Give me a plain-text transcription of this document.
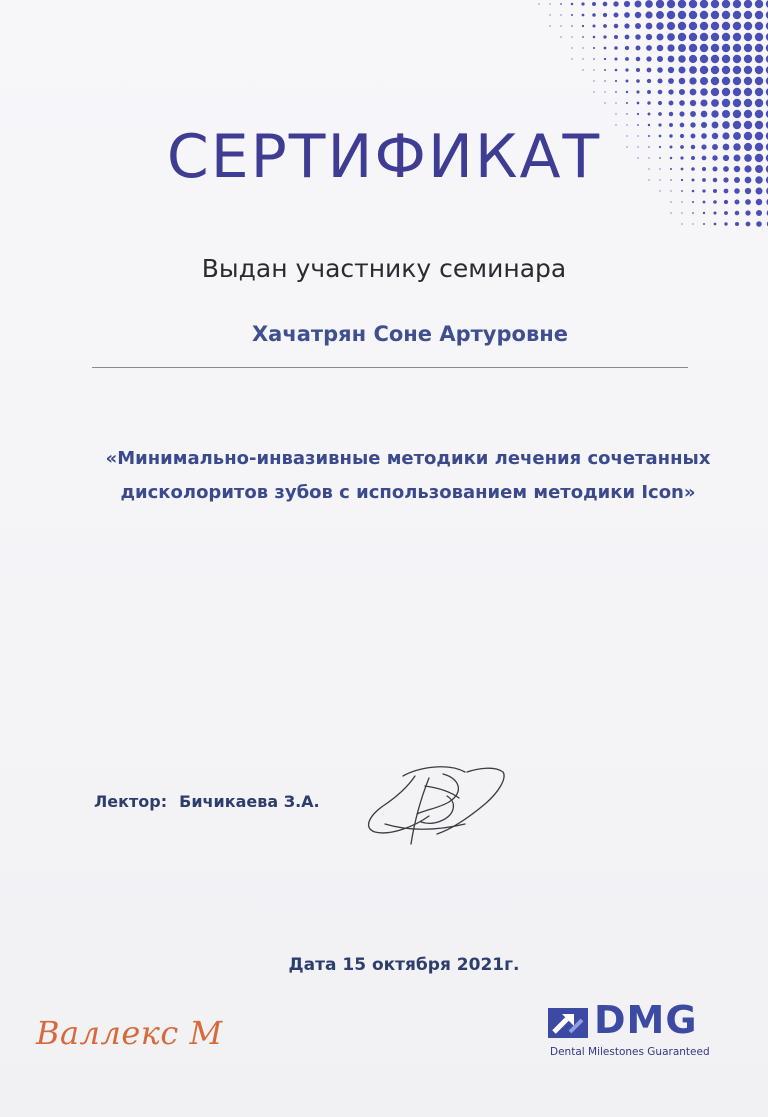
СЕРТИФИКАТ
Выдан участнику семинара
Хачатрян Соне Артуровне
«Минимально-инвазивные методики лечения сочетанных
дисколоритов зубов с использованием методики Icon»
Лектор: Бичикаева З.А.
Дата 15 октября 2021г.
Валлекс М	DMG
Dental Milestones Guaranteed
